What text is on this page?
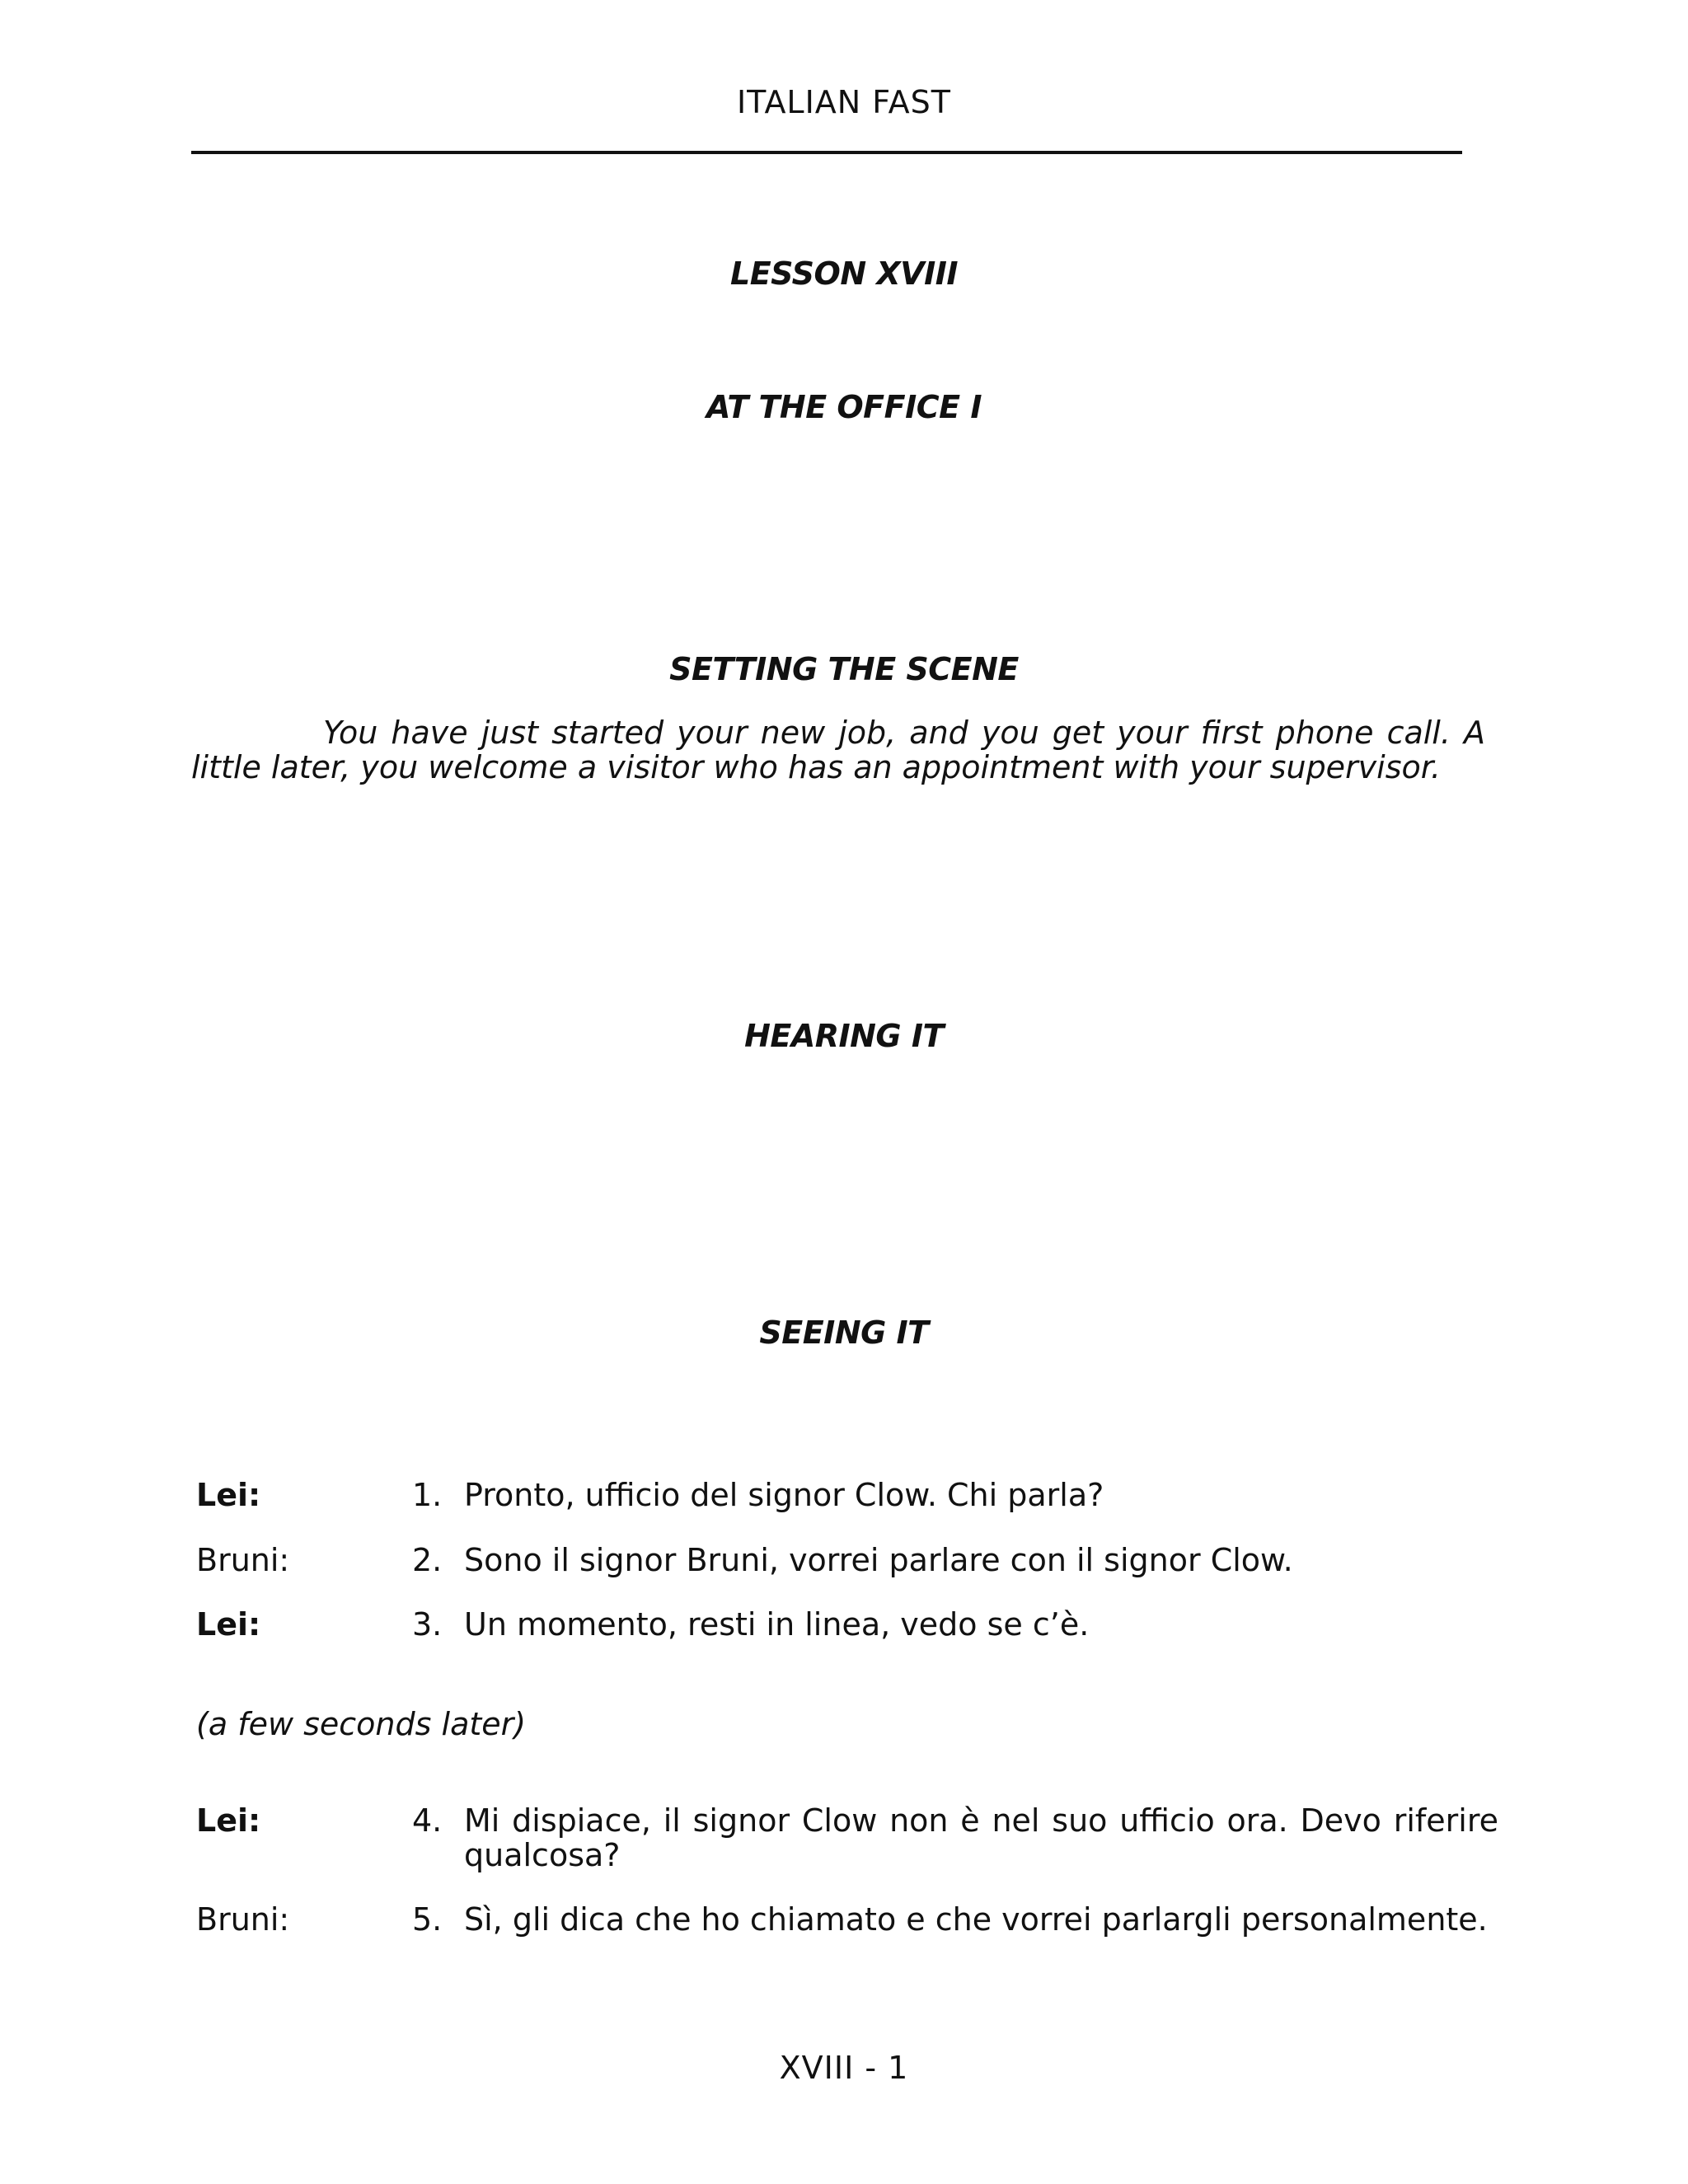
ITALIAN FAST
LESSON XVIII
AT THE OFFICE I
SETTING THE SCENE
You have just started your new job, and you get your first phone call. A little later, you welcome a visitor who has an appointment with your supervisor.
HEARING IT
SEEING IT
Lei:	1. Pronto, ufficio del signor Clow. Chi parla?
Bruni:	2. Sono il signor Bruni, vorrei parlare con il signor Clow.
Lei:	3. Un momento, resti in linea, vedo se c’è.
(a few seconds later)
Lei:	4. Mi dispiace, il signor Clow non è nel suo ufficio ora. Devo riferire qualcosa?
Bruni:	5. Sì, gli dica che ho chiamato e che vorrei parlargli personalmente.
XVIII - 1
